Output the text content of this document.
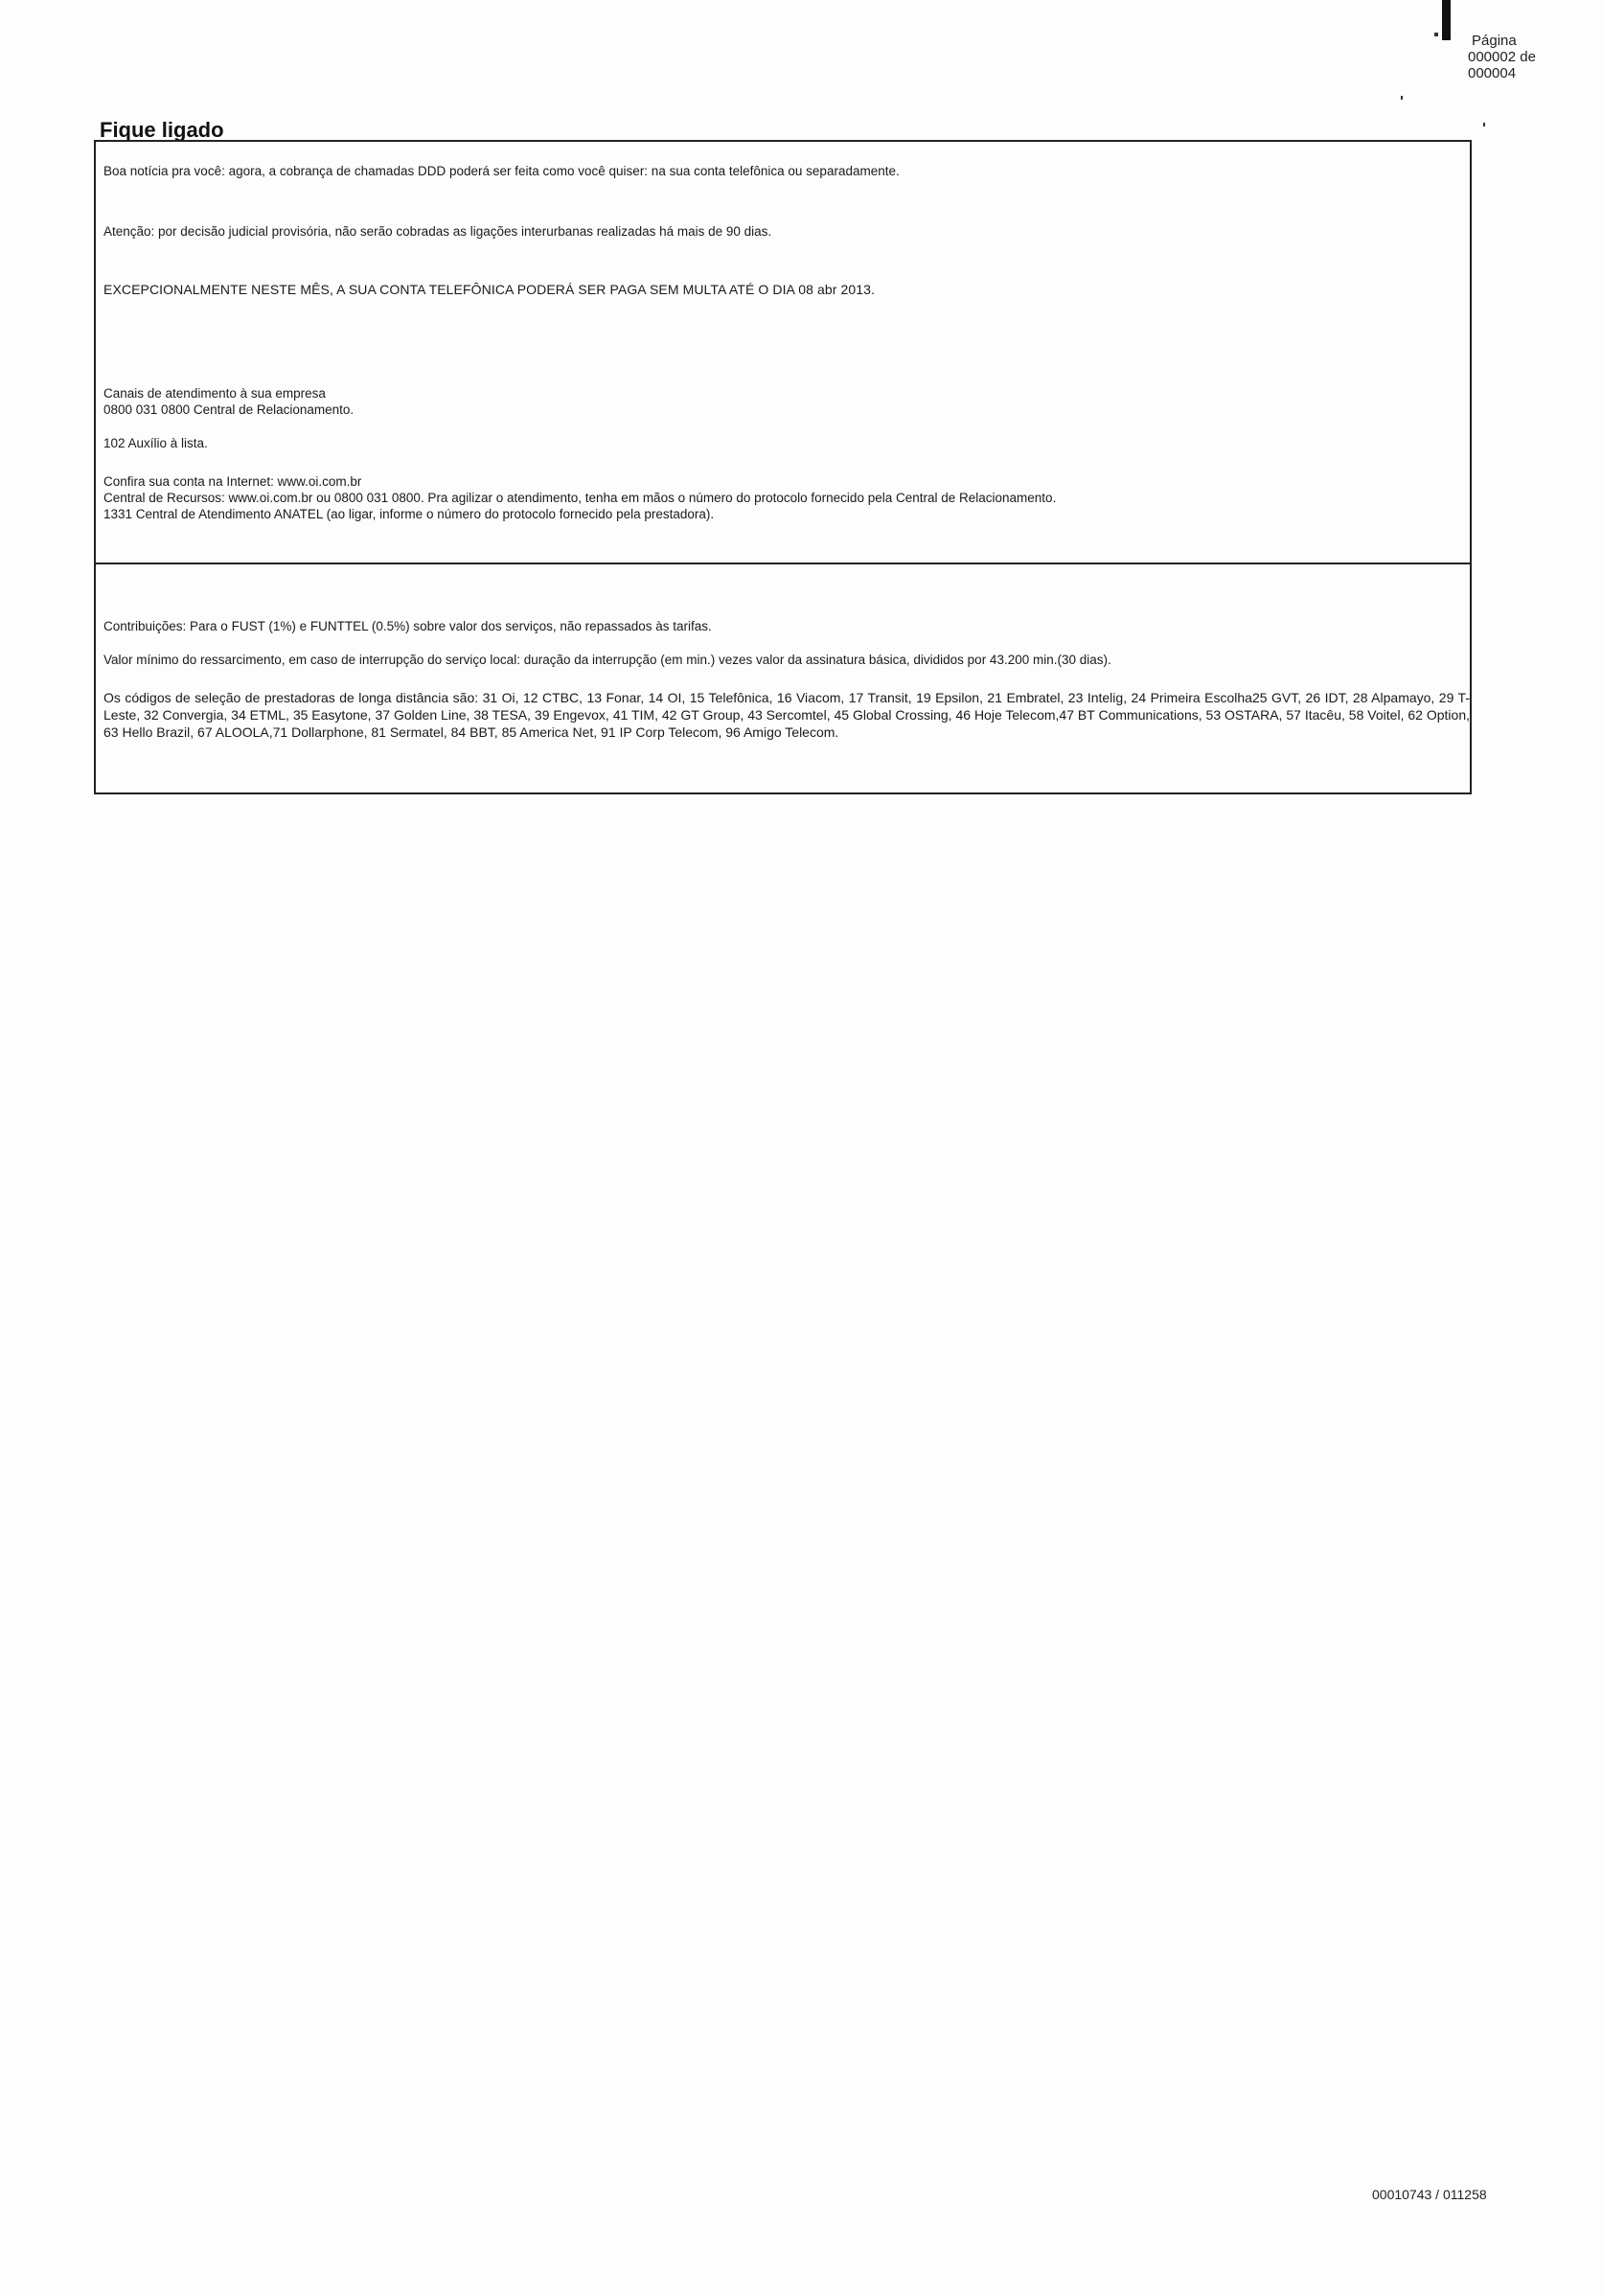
Página
000002 de
000004
Fique ligado

Boa notícia pra você: agora, a cobrança de chamadas DDD poderá ser feita como você quiser: na sua conta telefônica ou separadamente.

Atenção: por decisão judicial provisória, não serão cobradas as ligações interurbanas realizadas há mais de 90 dias.

EXCEPCIONALMENTE NESTE MÊS, A SUA CONTA TELEFÔNICA PODERÁ SER PAGA SEM MULTA ATÉ O DIA 08 abr 2013.

Canais de atendimento à sua empresa

0800 031 0800 Central de Relacionamento.

102 Auxílio à lista.

Confira sua conta na Internet: www.oi.com.br

Central de Recursos: www.oi.com.br ou 0800 031 0800. Pra agilizar o atendimento, tenha em mãos o número do protocolo fornecido pela Central de Relacionamento.

1331 Central de Atendimento ANATEL (ao ligar, informe o número do protocolo fornecido pela prestadora).

Contribuições: Para o FUST (1%) e FUNTTEL (0.5%) sobre valor dos serviços, não repassados às tarifas.

Valor mínimo do ressarcimento, em caso de interrupção do serviço local: duração da interrupção (em min.) vezes valor da assinatura básica, divididos por 43.200 min.(30 dias).

Os códigos de seleção de prestadoras de longa distância são: 31 Oi, 12 CTBC, 13 Fonar, 14 OI, 15 Telefônica, 16 Viacom, 17 Transit, 19 Epsilon, 21 Embratel, 23 Intelig, 24 Primeira Escolha25 GVT, 26 IDT, 28 Alpamayo, 29 T-Leste, 32 Convergia, 34 ETML, 35 Easytone, 37 Golden Line, 38 TESA, 39 Engevox, 41 TIM, 42 GT Group, 43 Sercomtel, 45 Global Crossing, 46 Hoje Telecom,47 BT Communications, 53 OSTARA, 57 Itacêu, 58 Voitel, 62 Option, 63 Hello Brazil, 67 ALOOLA,71 Dollarphone, 81 Sermatel, 84 BBT, 85 America Net, 91 IP Corp Telecom, 96 Amigo Telecom.

00010743 / 011258
